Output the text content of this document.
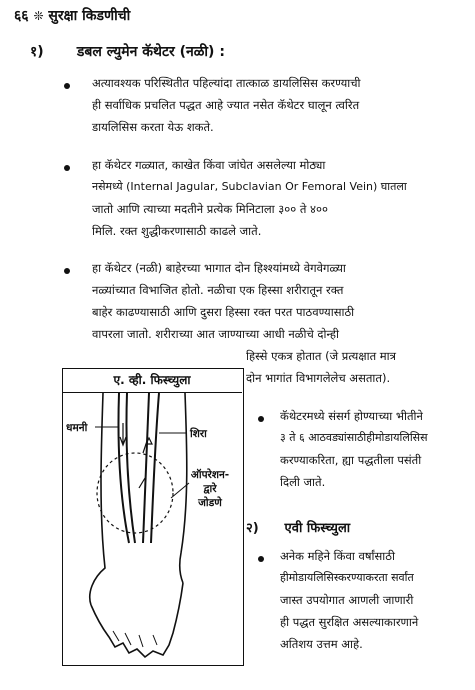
६६ ❊ सुरक्षा किडणीची
१) डबल ल्युमेन कॅथेटर (नळी) :
अत्यावश्यक परिस्थितीत पहिल्यांदा तात्काळ डायलिसिस करण्याची
ही सर्वाधिक प्रचलित पद्धत आहे ज्यात नसेत कॅथेटर घालून त्वरित
डायलिसिस करता येऊ शकते.
हा कॅथेटर गळ्यात, काखेत किंवा जांघेत असलेल्या मोठ्या
नसेमध्ये (Internal Jagular, Subclavian Or Femoral Vein) घातला
जातो आणि त्याच्या मदतीने प्रत्येक मिनिटाला ३०० ते ४००
मिलि. रक्त शुद्धीकरणासाठी काढले जाते.
हा कॅथेटर (नळी) बाहेरच्या भागात दोन हिश्श्यांमध्ये वेगवेगळ्या
नळ्यांच्यात विभाजित होतो. नळीचा एक हिस्सा शरीरातून रक्त
बाहेर काढण्यासाठी आणि दुसरा हिस्सा रक्त परत पाठवण्यासाठी
वापरला जातो. शरीराच्या आत जाण्याच्या आधी नळीचे दोन्ही
हिस्से एकत्र होतात (जे प्रत्यक्षात मात्र
दोन भागांत विभागलेलेच असतात).
ए. व्ही. फिस्च्युला
धमनी	शिरा
ऑपरेशन-
द्वारे
जोडणे
कॅथेटरमध्ये संसर्ग होण्याच्या भीतीने
३ ते ६ आठवड्यांसाठीहीमोडायलिसिस
करण्याकरिता, ह्या पद्धतीला पसंती
दिली जाते.
२) एवी फिस्च्युला
अनेक महिने किंवा वर्षांसाठी
हीमोडायलिसिस्करण्याकरता सर्वांत
जास्त उपयोगात आणली जाणारी
ही पद्धत सुरक्षित असल्याकारणाने
अतिशय उत्तम आहे.
